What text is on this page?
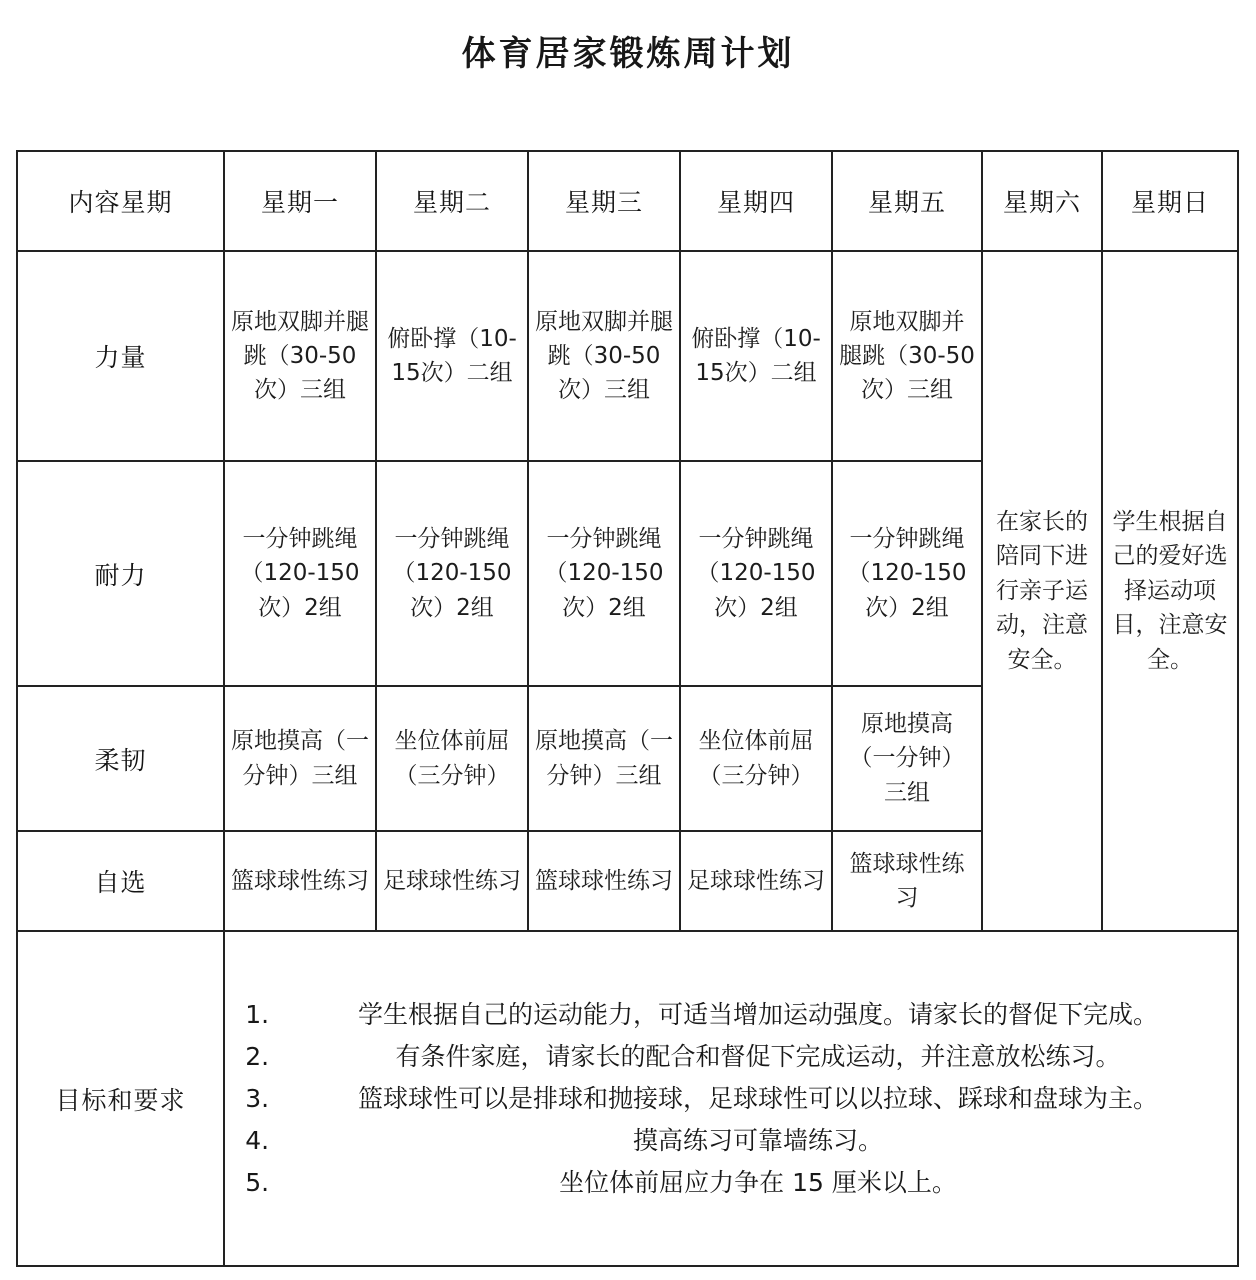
体育居家锻炼周计划
内容星期	星期一	星期二	星期三	星期四	星期五	星期六	星期日
力量	原地双脚并腿跳（30-50次）三组	俯卧撑（10-15次）二组	原地双脚并腿跳（30-50次）三组	俯卧撑（10-15次）二组	原地双脚并腿跳（30-50次）三组	在家长的陪同下进行亲子运动，注意安全。	学生根据自己的爱好选择运动项目，注意安全。
耐力	一分钟跳绳（120-150次）2组	一分钟跳绳（120-150次）2组	一分钟跳绳（120-150次）2组	一分钟跳绳（120-150次）2组	一分钟跳绳（120-150次）2组		
柔韧	原地摸高（一分钟）三组	坐位体前屈（三分钟）	原地摸高（一分钟）三组	坐位体前屈（三分钟）	原地摸高（一分钟）三组		
自选	篮球球性练习	足球球性练习	篮球球性练习	足球球性练习	篮球球性练习		
目标和要求	
1. 学生根据自己的运动能力，可适当增加运动强度。请家长的督促下完成。
2. 有条件家庭，请家长的配合和督促下完成运动，并注意放松练习。
3. 篮球球性可以是排球和抛接球，足球球性可以以拉球、踩球和盘球为主。
4. 摸高练习可靠墙练习。
5. 坐位体前屈应力争在 15 厘米以上。
